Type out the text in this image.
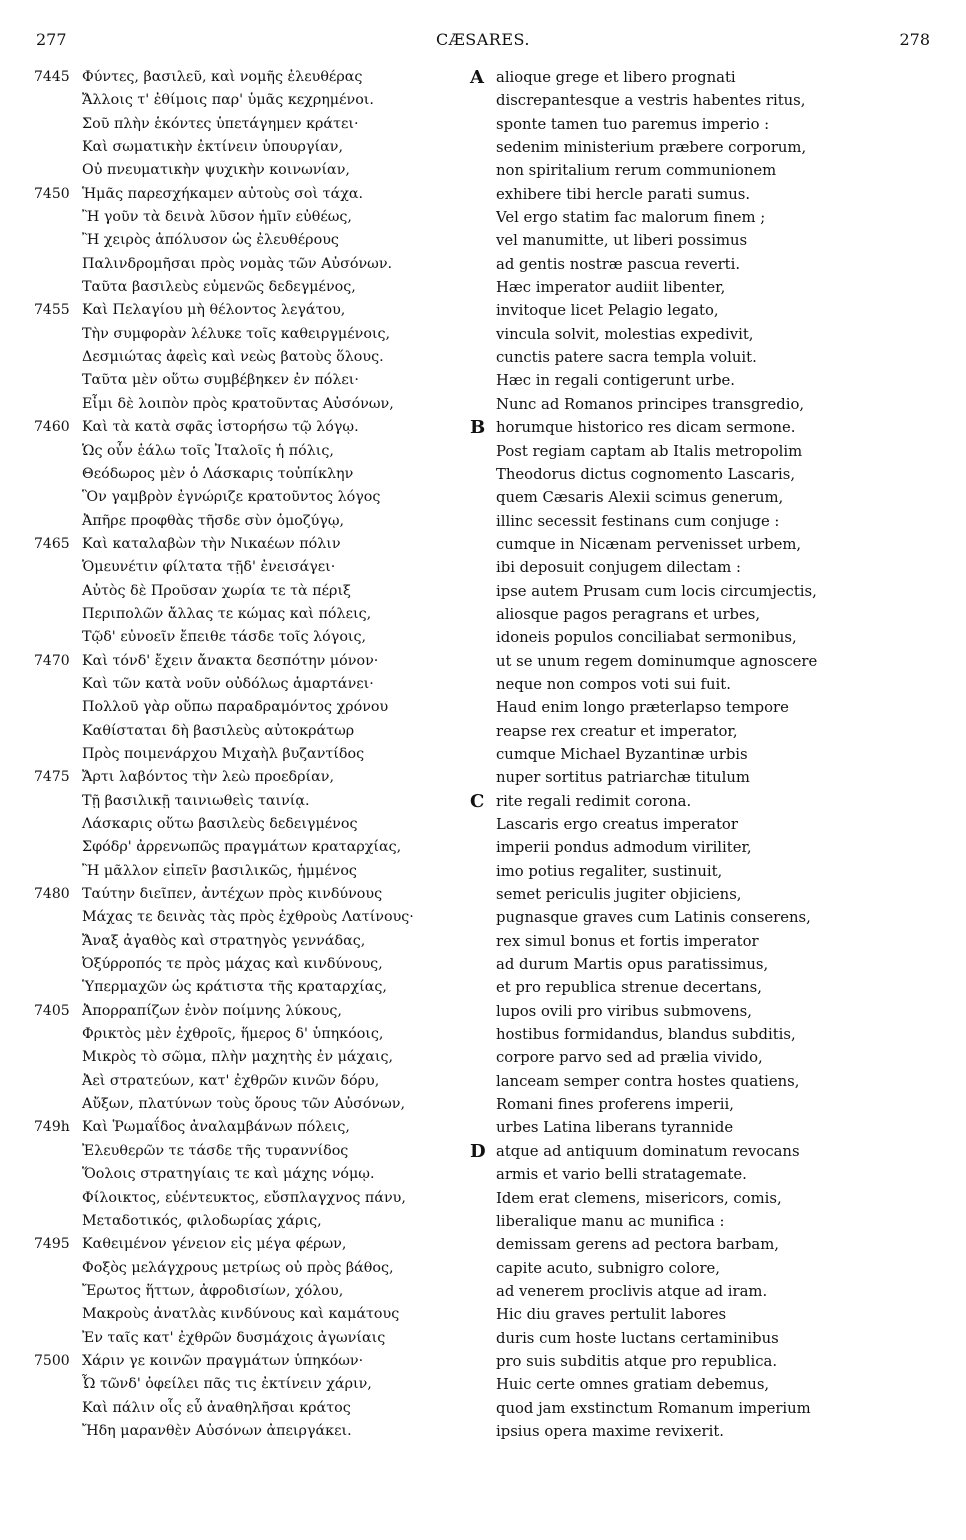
277	CÆSARES.	278
7445 Φύντες, βασιλεῦ, καὶ νομῆς ἐλευθέρας
Ἄλλοις τ' ἐθίμοις παρ' ὑμᾶς κεχρημένοι.
Σοῦ πλὴν ἑκόντες ὑπετάγημεν κράτει·
Καὶ σωματικὴν ἐκτίνειν ὑπουργίαν,
Οὐ πνευματικὴν ψυχικὴν κοινωνίαν,
7450 Ἡμᾶς παρεσχήκαμεν αὐτοὺς σοὶ τάχα.
Ἢ γοῦν τὰ δεινὰ λῦσον ἡμῖν εὐθέως,
Ἢ χειρὸς ἀπόλυσον ὡς ἐλευθέρους
Παλινδρομῆσαι πρὸς νομὰς τῶν Αὐσόνων.
Ταῦτα βασιλεὺς εὐμενῶς δεδεγμένος,
7455 Καὶ Πελαγίου μὴ θέλοντος λεγάτου,
Τὴν συμφορὰν λέλυκε τοῖς καθειργμένοις,
Δεσμιώτας ἀφεὶς καὶ νεὼς βατοὺς ὅλους.
Ταῦτα μὲν οὕτω συμβέβηκεν ἐν πόλει·
Εἶμι δὲ λοιπὸν πρὸς κρατοῦντας Αὐσόνων,
7460 Καὶ τὰ κατὰ σφᾶς ἱστορήσω τῷ λόγῳ.
Ὡς οὖν ἑάλω τοῖς Ἰταλοῖς ἡ πόλις,
Θεόδωρος μὲν ὁ Λάσκαρις τοὐπίκλην
Ὃν γαμβρὸν ἐγνώριζε κρατοῦντος λόγος
Ἀπῆρε προφθὰς τῆσδε σὺν ὁμοζύγῳ,
7465 Καὶ καταλαβὼν τὴν Νικαέων πόλιν
Ὁμευνέτιν φίλτατα τῇδ' ἐνεισάγει·
Αὐτὸς δὲ Προῦσαν χωρία τε τὰ πέριξ
Περιπολῶν ἄλλας τε κώμας καὶ πόλεις,
Τῷδ' εὐνοεῖν ἔπειθε τάσδε τοῖς λόγοις,
7470 Καὶ τόνδ' ἔχειν ἄνακτα δεσπότην μόνον·
Καὶ τῶν κατὰ νοῦν οὐδόλως ἁμαρτάνει·
Πολλοῦ γὰρ οὔπω παραδραμόντος χρόνου
Καθίσταται δὴ βασιλεὺς αὐτοκράτωρ
Πρὸς ποιμενάρχου Μιχαὴλ βυζαντίδος
7475 Ἄρτι λαβόντος τὴν λεὼ προεδρίαν,
Τῇ βασιλικῇ ταινιωθεὶς ταινίᾳ.
Λάσκαρις οὕτω βασιλεὺς δεδειγμένος
Σφόδρ' ἀρρενωπῶς πραγμάτων κραταρχίας,
Ἢ μᾶλλον εἰπεῖν βασιλικῶς, ἡμμένος
7480 Ταύτην διεῖπεν, ἀντέχων πρὸς κινδύνους
Μάχας τε δεινὰς τὰς πρὸς ἐχθροὺς Λατίνους·
Ἄναξ ἀγαθὸς καὶ στρατηγὸς γεννάδας,
Ὀξύρροπός τε πρὸς μάχας καὶ κινδύνους,
Ὑπερμαχῶν ὡς κράτιστα τῆς κραταρχίας,
7405 Ἀπορραπίζων ἐνὸν ποίμνης λύκους,
Φρικτὸς μὲν ἐχθροῖς, ἥμερος δ' ὑπηκόοις,
Μικρὸς τὸ σῶμα, πλὴν μαχητὴς ἐν μάχαις,
Ἀεὶ στρατεύων, κατ' ἐχθρῶν κινῶν δόρυ,
Αὔξων, πλατύνων τοὺς ὅρους τῶν Αὐσόνων,
749h Καὶ Ῥωμαΐδος ἀναλαμβάνων πόλεις,
Ἐλευθερῶν τε τάσδε τῆς τυραννίδος
Ὅολοις στρατηγίαις τε καὶ μάχης νόμῳ.
Φίλοικτος, εὐέντευκτος, εὔσπλαγχνος πάνυ,
Μεταδοτικός, φιλοδωρίας χάρις,
7495 Καθειμένον γένειον εἰς μέγα φέρων,
Φοξὸς μελάγχρους μετρίως οὐ πρὸς βάθος,
Ἔρωτος ἥττων, ἀφροδισίων, χόλου,
Μακροὺς ἀνατλὰς κινδύνους καὶ καμάτους
Ἐν ταῖς κατ' ἐχθρῶν δυσμάχοις ἀγωνίαις
7500 Χάριν γε κοινῶν πραγμάτων ὑπηκόων·
Ὦ τῶνδ' ὀφείλει πᾶς τις ἐκτίνειν χάριν,
Καὶ πάλιν οἷς εὖ ἀναθηλῆσαι κράτος
Ἤδη μαρανθὲν Αὐσόνων ἀπειργάκει.
A alioque grege et libero prognati
discrepantesque a vestris habentes ritus,
sponte tamen tuo paremus imperio :
sedenim ministerium præbere corporum,
non spiritalium rerum communionem
exhibere tibi hercle parati sumus.
Vel ergo statim fac malorum finem ;
vel manumitte, ut liberi possimus
ad gentis nostræ pascua reverti.
Hæc imperator audiit libenter,
invitoque licet Pelagio legato,
vincula solvit, molestias expedivit,
cunctis patere sacra templa voluit.
Hæc in regali contigerunt urbe.
Nunc ad Romanos principes transgredio,
B horumque historico res dicam sermone.
Post regiam captam ab Italis metropolim
Theodorus dictus cognomento Lascaris,
quem Cæsaris Alexii scimus generum,
illinc secessit festinans cum conjuge :
cumque in Nicænam pervenisset urbem,
ibi deposuit conjugem dilectam :
ipse autem Prusam cum locis circumjectis,
aliosque pagos peragrans et urbes,
idoneis populos conciliabat sermonibus,
ut se unum regem dominumque agnoscere
neque non compos voti sui fuit.
Haud enim longo præterlapso tempore
reapse rex creatur et imperator,
cumque Michael Byzantinæ urbis
nuper sortitus patriarchæ titulum
C rite regali redimit corona.
Lascaris ergo creatus imperator
imperii pondus admodum viriliter,
imo potius regaliter, sustinuit,
semet periculis jugiter objiciens,
pugnasque graves cum Latinis conserens,
rex simul bonus et fortis imperator
ad durum Martis opus paratissimus,
et pro republica strenue decertans,
lupos ovili pro viribus submovens,
hostibus formidandus, blandus subditis,
corpore parvo sed ad prælia vivido,
lanceam semper contra hostes quatiens,
Romani fines proferens imperii,
urbes Latina liberans tyrannide
D atque ad antiquum dominatum revocans
armis et vario belli stratagemate.
Idem erat clemens, misericors, comis,
liberalique manu ac munifica :
demissam gerens ad pectora barbam,
capite acuto, subnigro colore,
ad venerem proclivis atque ad iram.
Hic diu graves pertulit labores
duris cum hoste luctans certaminibus
pro suis subditis atque pro republica.
Huic certe omnes gratiam debemus,
quod jam exstinctum Romanum imperium
ipsius opera maxime revixerit.
